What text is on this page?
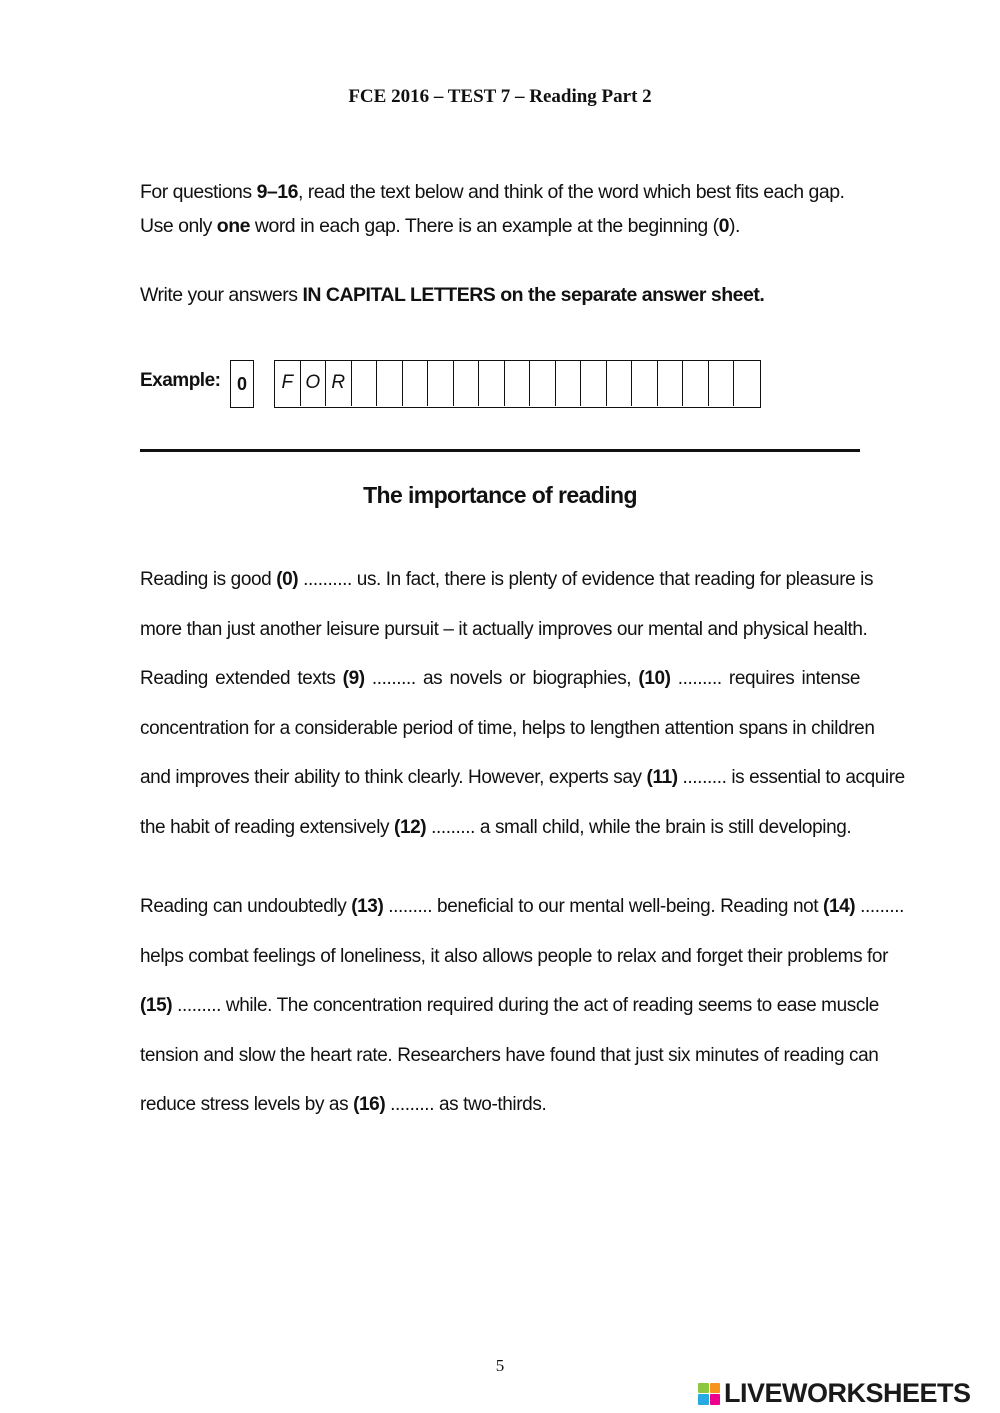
FCE 2016 – TEST 7 – Reading Part 2
For questions 9–16, read the text below and think of the word which best fits each gap. Use only one word in each gap. There is an example at the beginning (0).
Write your answers IN CAPITAL LETTERS on the separate answer sheet.
Example: 0	F O R
The importance of reading
Reading is good (0) .......... us. In fact, there is plenty of evidence that reading for pleasure is
more than just another leisure pursuit – it actually improves our mental and physical health.
Reading extended texts (9) ......... as novels or biographies, (10) ......... requires intense
concentration for a considerable period of time, helps to lengthen attention spans in children
and improves their ability to think clearly. However, experts say (11) ......... is essential to acquire
the habit of reading extensively (12) ......... a small child, while the brain is still developing.
Reading can undoubtedly (13) ......... beneficial to our mental well-being. Reading not (14) .........
helps combat feelings of loneliness, it also allows people to relax and forget their problems for
(15) ......... while. The concentration required during the act of reading seems to ease muscle
tension and slow the heart rate. Researchers have found that just six minutes of reading can
reduce stress levels by as (16) ......... as two-thirds.
5
LIVEWORKSHEETS
